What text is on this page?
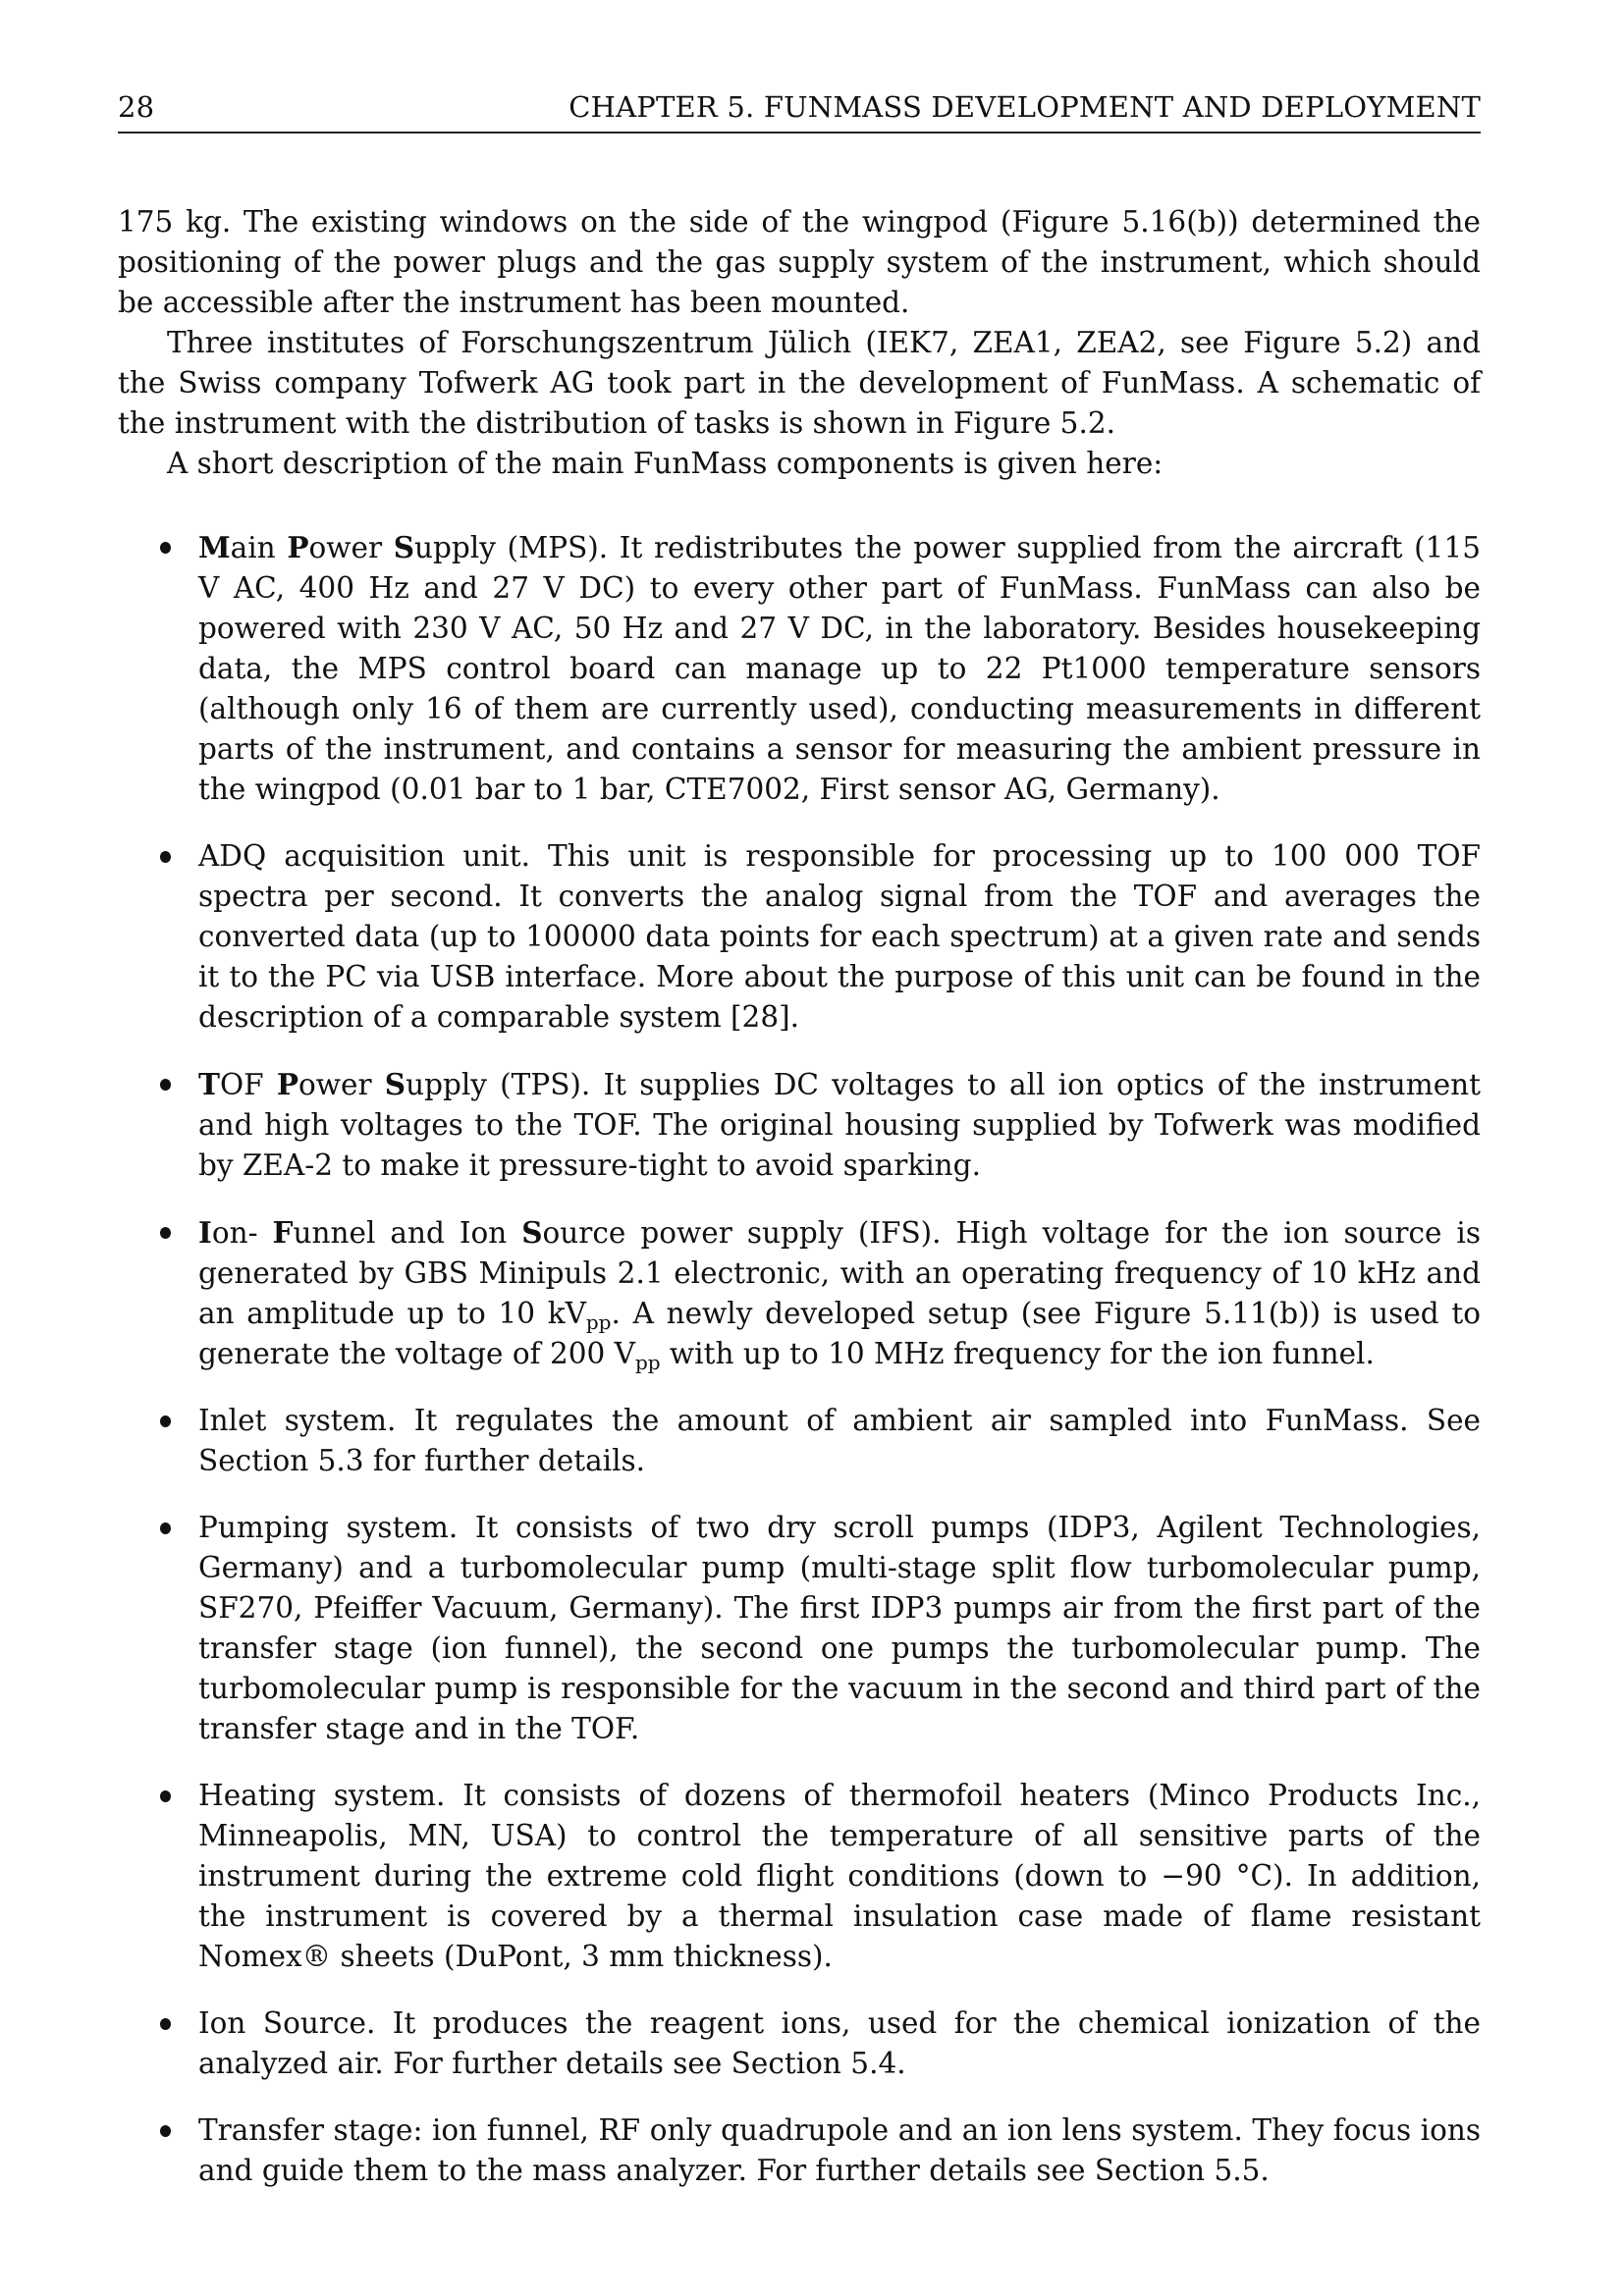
28	CHAPTER 5. FUNMASS DEVELOPMENT AND DEPLOYMENT

175 kg. The existing windows on the side of the wingpod (Figure 5.16(b)) determined the positioning of the power plugs and the gas supply system of the instrument, which should be accessible after the instrument has been mounted.

Three institutes of Forschungszentrum Jülich (IEK7, ZEA1, ZEA2, see Figure 5.2) and the Swiss company Tofwerk AG took part in the development of FunMass. A schematic of the instrument with the distribution of tasks is shown in Figure 5.2.

A short description of the main FunMass components is given here:

Main Power Supply (MPS). It redistributes the power supplied from the aircraft (115 V AC, 400 Hz and 27 V DC) to every other part of FunMass. FunMass can also be powered with 230 V AC, 50 Hz and 27 V DC, in the laboratory. Besides housekeeping data, the MPS control board can manage up to 22 Pt1000 temperature sensors (although only 16 of them are currently used), conducting measurements in different parts of the instrument, and contains a sensor for measuring the ambient pressure in the wingpod (0.01 bar to 1 bar, CTE7002, First sensor AG, Germany).
ADQ acquisition unit. This unit is responsible for processing up to 100 000 TOF spectra per second. It converts the analog signal from the TOF and averages the converted data (up to 100000 data points for each spectrum) at a given rate and sends it to the PC via USB interface. More about the purpose of this unit can be found in the description of a comparable system [28].
TOF Power Supply (TPS). It supplies DC voltages to all ion optics of the instrument and high voltages to the TOF. The original housing supplied by Tofwerk was modified by ZEA-2 to make it pressure-tight to avoid sparking.
Ion- Funnel and Ion Source power supply (IFS). High voltage for the ion source is generated by GBS Minipuls 2.1 electronic, with an operating frequency of 10 kHz and an amplitude up to 10 $kV_{pp}$. A newly developed setup (see Figure 5.11(b)) is used to generate the voltage of 200 $V_{pp}$ with up to 10 MHz frequency for the ion funnel.
Inlet system. It regulates the amount of ambient air sampled into FunMass. See Section 5.3 for further details.
Pumping system. It consists of two dry scroll pumps (IDP3, Agilent Technologies, Germany) and a turbomolecular pump (multi-stage split flow turbomolecular pump, SF270, Pfeiffer Vacuum, Germany). The first IDP3 pumps air from the first part of the transfer stage (ion funnel), the second one pumps the turbomolecular pump. The turbomolecular pump is responsible for the vacuum in the second and third part of the transfer stage and in the TOF.
Heating system. It consists of dozens of thermofoil heaters (Minco Products Inc., Minneapolis, MN, USA) to control the temperature of all sensitive parts of the instrument during the extreme cold flight conditions (down to −90 °C). In addition, the instrument is covered by a thermal insulation case made of flame resistant Nomex® sheets (DuPont, 3 mm thickness).
Ion Source. It produces the reagent ions, used for the chemical ionization of the analyzed air. For further details see Section 5.4.
Transfer stage: ion funnel, RF only quadrupole and an ion lens system. They focus ions and guide them to the mass analyzer. For further details see Section 5.5.
